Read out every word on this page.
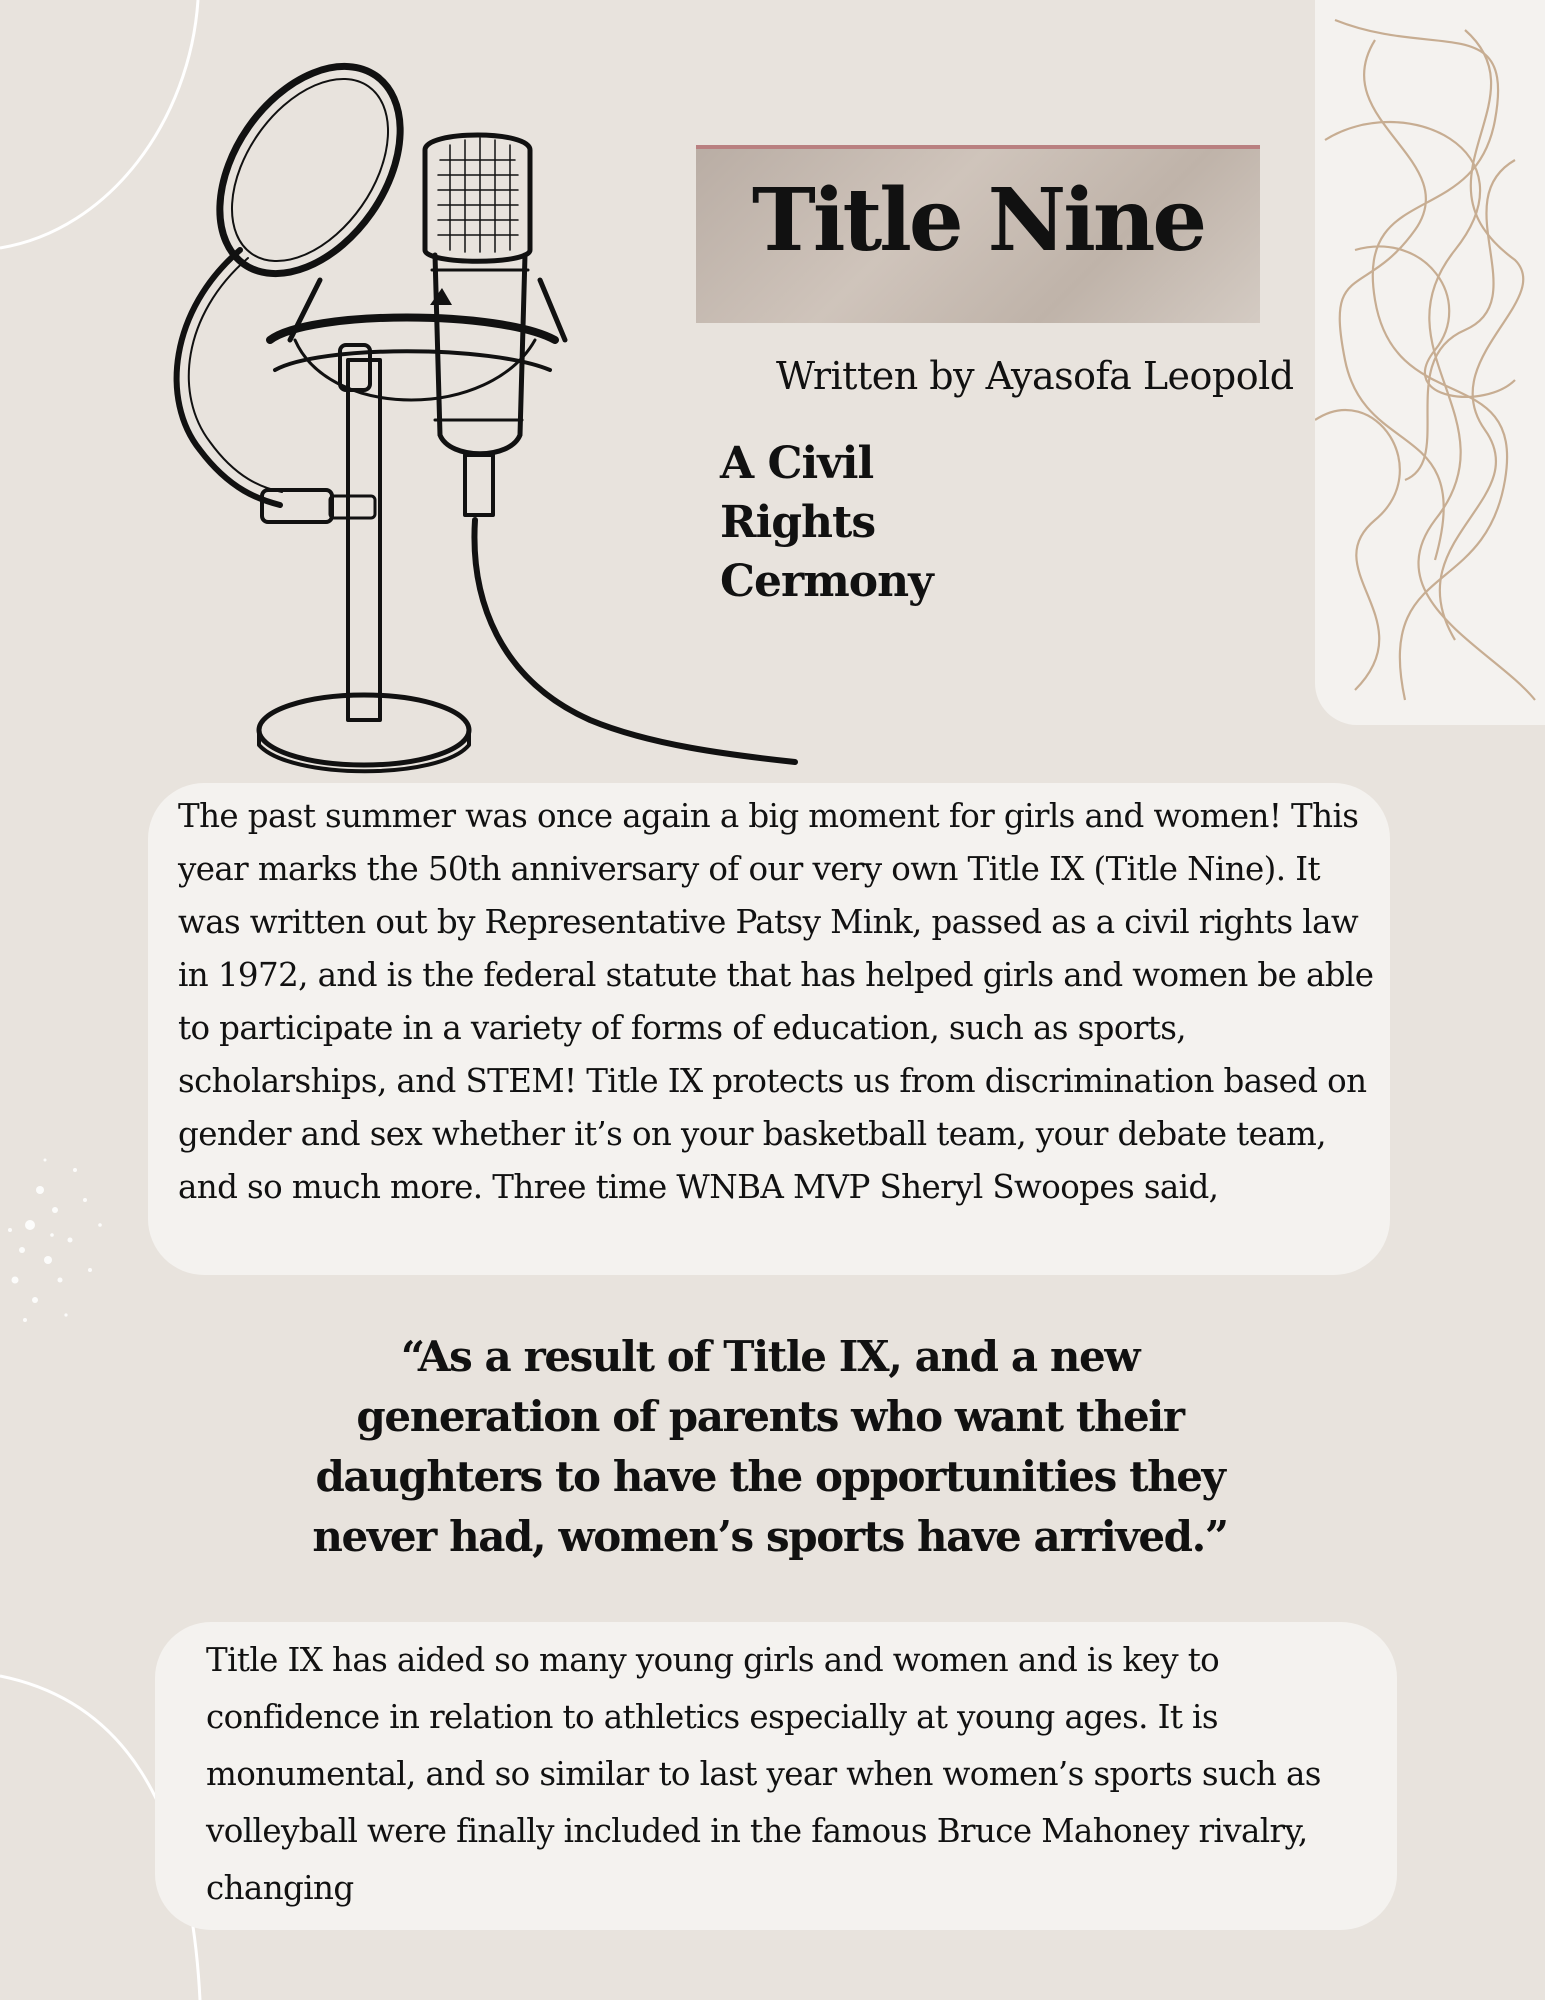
Title Nine
Written by Ayasofa Leopold
A Civil Rights Cermony

The past summer was once again a big moment for girls and women! This year marks the 50th anniversary of our very own Title IX (Title Nine). It was written out by Representative Patsy Mink, passed as a civil rights law in 1972, and is the federal statute that has helped girls and women be able to participate in a variety of forms of education, such as sports, scholarships, and STEM! Title IX protects us from discrimination based on gender and sex whether it’s on your basketball team, your debate team, and so much more. Three time WNBA MVP Sheryl Swoopes said,

“As a result of Title IX, and a new generation of parents who want their daughters to have the opportunities they never had, women’s sports have arrived.”

Title IX has aided so many young girls and women and is key to confidence in relation to athletics especially at young ages. It is monumental, and so similar to last year when women’s sports such as volleyball were finally included in the famous Bruce Mahoney rivalry, changing
